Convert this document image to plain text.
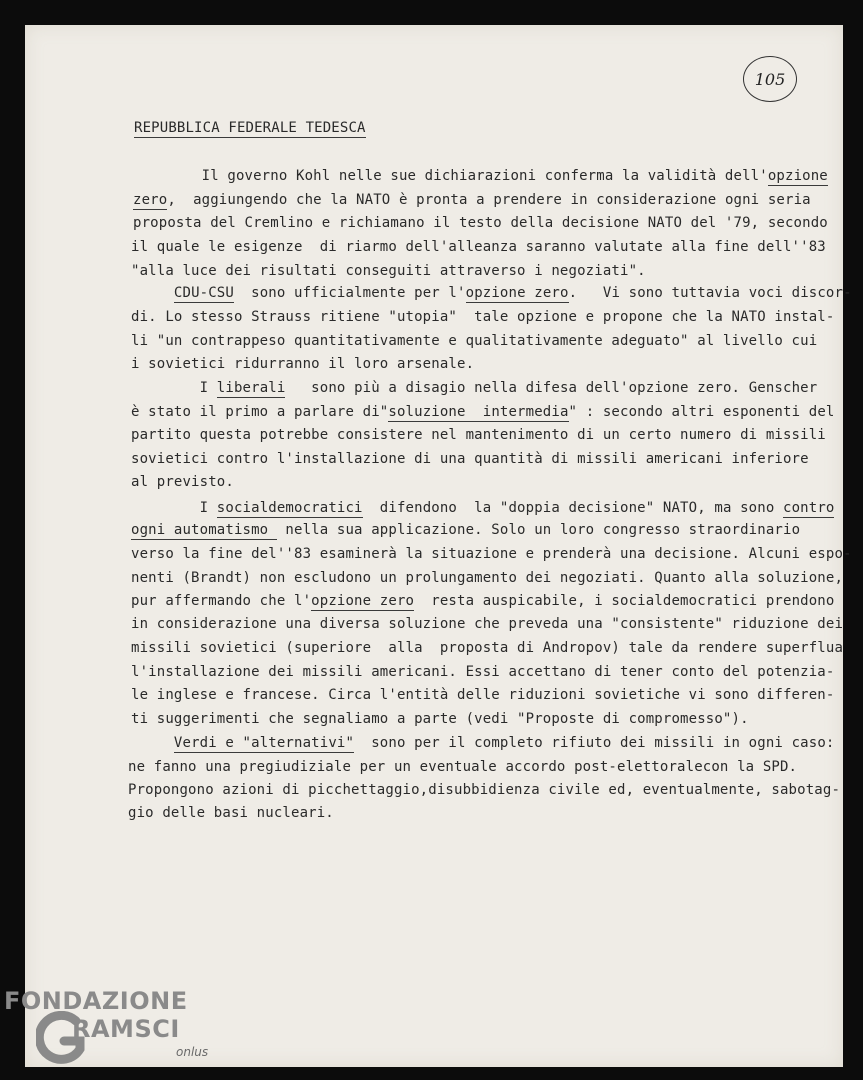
105
REPUBBLICA FEDERALE TEDESCA
Il governo Kohl nelle sue dichiarazioni conferma la validità dell'opzione
zero,  aggiungendo che la NATO è pronta a prendere in considerazione ogni seria
proposta del Cremlino e richiamano il testo della decisione NATO del '79, secondo
il quale le esigenze  di riarmo dell'alleanza saranno valutate alla fine dell''83
"alla luce dei risultati conseguiti attraverso i negoziati".
CDU-CSU  sono ufficialmente per l'opzione zero.   Vi sono tuttavia voci discor-
di. Lo stesso Strauss ritiene "utopia"  tale opzione e propone che la NATO instal-
li "un contrappeso quantitativamente e qualitativamente adeguato" al livello cui
i sovietici ridurranno il loro arsenale.
I liberali   sono più a disagio nella difesa dell'opzione zero. Genscher
è stato il primo a parlare di"soluzione  intermedia" : secondo altri esponenti del
partito questa potrebbe consistere nel mantenimento di un certo numero di missili
sovietici contro l'installazione di una quantità di missili americani inferiore
al previsto.
I socialdemocratici  difendono  la "doppia decisione" NATO, ma sono contro
ogni automatismo  nella sua applicazione. Solo un loro congresso straordinario
verso la fine del''83 esaminerà la situazione e prenderà una decisione. Alcuni espo-
nenti (Brandt) non escludono un prolungamento dei negoziati. Quanto alla soluzione,
pur affermando che l'opzione zero  resta auspicabile, i socialdemocratici prendono
in considerazione una diversa soluzione che preveda una "consistente" riduzione dei
missili sovietici (superiore  alla  proposta di Andropov) tale da rendere superflua
l'installazione dei missili americani. Essi accettano di tener conto del potenzia-
le inglese e francese. Circa l'entità delle riduzioni sovietiche vi sono differen-
ti suggerimenti che segnaliamo a parte (vedi "Proposte di compromesso").
Verdi e "alternativi"  sono per il completo rifiuto dei missili in ogni caso:
ne fanno una pregiudiziale per un eventuale accordo post-elettoralecon la SPD.
Propongono azioni di picchettaggio,disubbidienza civile ed, eventualmente, sabotag-
gio delle basi nucleari.
FONDAZIONE
RAMSCI
onlus
